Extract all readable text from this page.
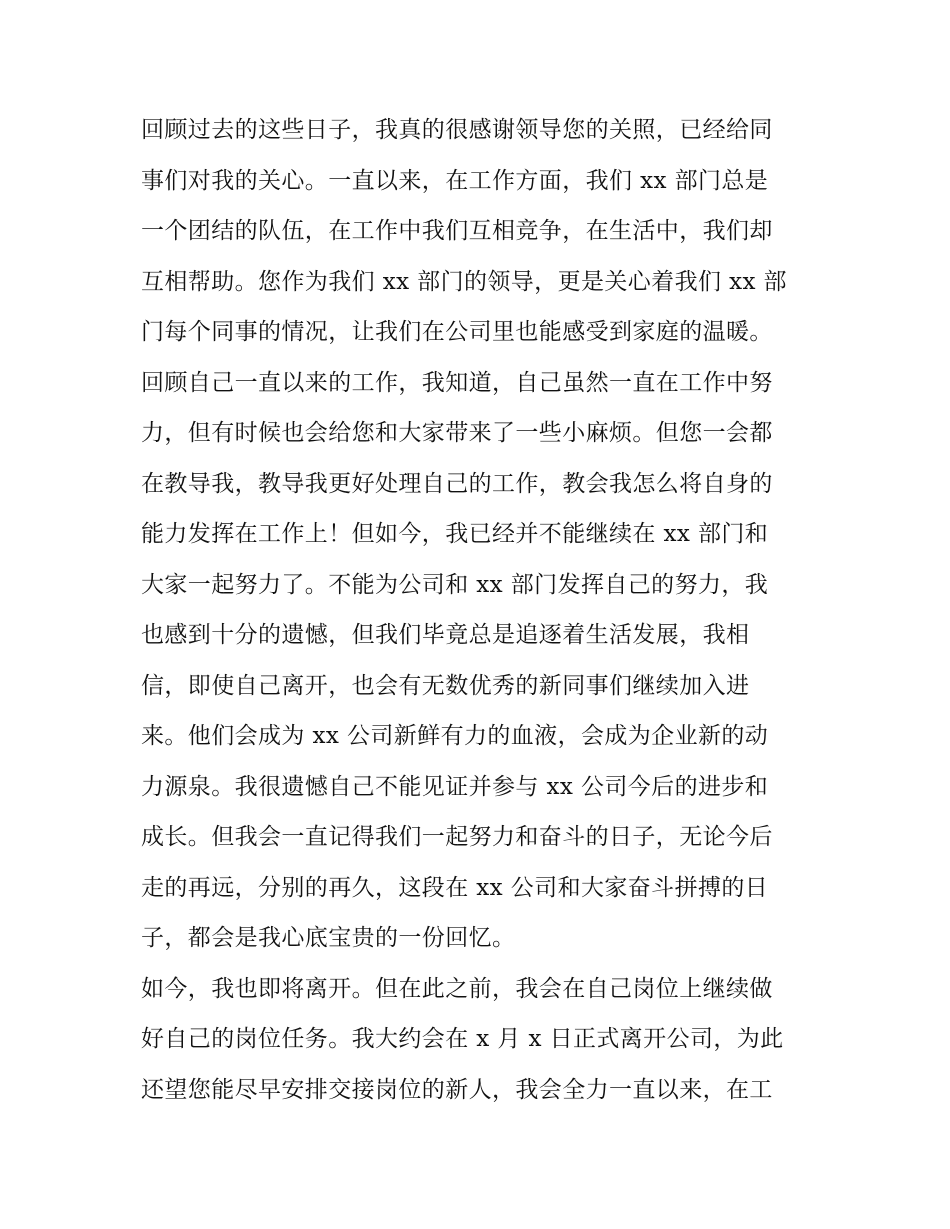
回顾过去的这些日子，我真的很感谢领导您的关照，已经给同
事们对我的关心。一直以来，在工作方面，我们 xx 部门总是
一个团结的队伍，在工作中我们互相竞争，在生活中，我们却
互相帮助。您作为我们 xx 部门的领导，更是关心着我们 xx 部
门每个同事的情况，让我们在公司里也能感受到家庭的温暖。
回顾自己一直以来的工作，我知道，自己虽然一直在工作中努
力，但有时候也会给您和大家带来了一些小麻烦。但您一会都
在教导我，教导我更好处理自己的工作，教会我怎么将自身的
能力发挥在工作上！但如今，我已经并不能继续在 xx 部门和
大家一起努力了。不能为公司和 xx 部门发挥自己的努力，我
也感到十分的遗憾，但我们毕竟总是追逐着生活发展，我相
信，即使自己离开，也会有无数优秀的新同事们继续加入进
来。他们会成为 xx 公司新鲜有力的血液，会成为企业新的动
力源泉。我很遗憾自己不能见证并参与 xx 公司今后的进步和
成长。但我会一直记得我们一起努力和奋斗的日子，无论今后
走的再远，分别的再久，这段在 xx 公司和大家奋斗拼搏的日
子，都会是我心底宝贵的一份回忆。
如今，我也即将离开。但在此之前，我会在自己岗位上继续做
好自己的岗位任务。我大约会在 x 月 x 日正式离开公司，为此
还望您能尽早安排交接岗位的新人，我会全力一直以来，在工
